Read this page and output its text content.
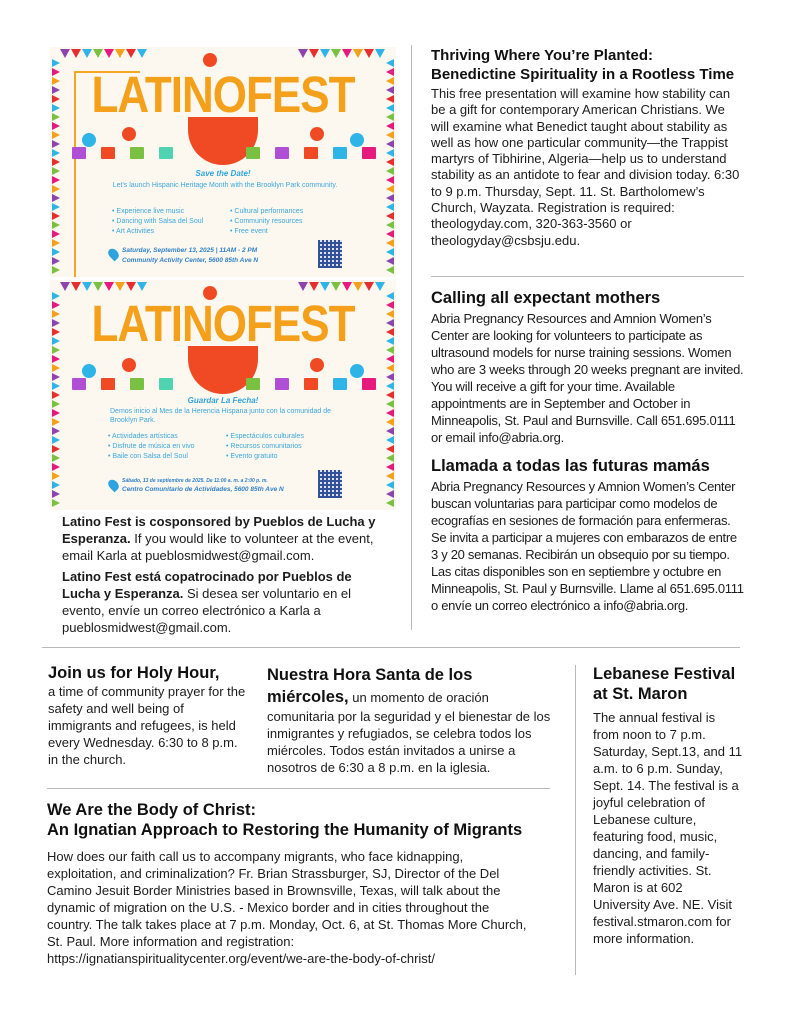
LATINOFEST
Save the Date!
Let's launch Hispanic Heritage Month with the Brooklyn Park community.
• Experience live music	• Cultural performances
• Dancing with Salsa del Soul	• Community resources
• Art Activities	• Free event
Saturday, September 13, 2025 | 11AM - 2 PM
Community Activity Center, 5600 85th Ave N
LATINOFEST
Guardar La Fecha!
Demos inicio al Mes de la Herencia Hispana junto con la comunidad de Brooklyn Park.
• Actividades artísticas	• Espectáculos culturales
• Disfrute de música en vivo	• Recursos comunitarios
• Baile con Salsa del Soul	• Evento gratuito
Sábado, 13 de septiembre de 2025. De 11:00 a. m. a 2:00 p. m.
Centro Comunitario de Actividades, 5600 85th Ave N
Latino Fest is cosponsored by Pueblos de Lucha y Esperanza. If you would like to volunteer at the event, email Karla at pueblosmidwest@gmail.com.
Latino Fest está copatrocinado por Pueblos de Lucha y Esperanza. Si desea ser voluntario en el evento, envíe un correo electrónico a Karla a pueblosmidwest@gmail.com.
Thriving Where You’re Planted:
Benedictine Spirituality in a Rootless Time
This free presentation will examine how stability can be a gift for contemporary American Christians. We will examine what Benedict taught about stability as well as how one particular community—the Trappist martyrs of Tibhirine, Algeria—help us to understand stability as an antidote to fear and division today. 6:30 to 9 p.m. Thursday, Sept. 11. St. Bartholomew’s Church, Wayzata. Registration is required: theologyday.com, 320-363-3560 or theologyday@csbsju.edu.
Calling all expectant mothers
Abria Pregnancy Resources and Amnion Women’s Center are looking for volunteers to participate as ultrasound models for nurse training sessions. Women who are 3 weeks through 20 weeks pregnant are invited. You will receive a gift for your time. Available appointments are in September and October in Minneapolis, St. Paul and Burnsville. Call 651.695.0111 or email info@abria.org.
Llamada a todas las futuras mamás
Abria Pregnancy Resources y Amnion Women’s Center buscan voluntarias para participar como modelos de ecografías en sesiones de formación para enfermeras. Se invita a participar a mujeres con embarazos de entre 3 y 20 semanas. Recibirán un obsequio por su tiempo. Las citas disponibles son en septiembre y octubre en Minneapolis, St. Paul y Burnsville. Llame al 651.695.0111 o envíe un correo electrónico a info@abria.org.
Join us for Holy Hour,
a time of community prayer for the safety and well being of immigrants and refugees, is held every Wednesday. 6:30 to 8 p.m. in the church.
Nuestra Hora Santa de los miércoles, un momento de oración comunitaria por la seguridad y el bienestar de los inmigrantes y refugiados, se celebra todos los miércoles. Todos están invitados a unirse a nosotros de 6:30 a 8 p.m. en la iglesia.
Lebanese Festival at St. Maron
The annual festival is from noon to 7 p.m. Saturday, Sept.13, and 11 a.m. to 6 p.m. Sunday, Sept. 14. The festival is a joyful celebration of Lebanese culture, featuring food, music, dancing, and family-friendly activities. St. Maron is at 602 University Ave. NE. Visit festival.stmaron.com for more information.
We Are the Body of Christ:
An Ignatian Approach to Restoring the Humanity of Migrants
How does our faith call us to accompany migrants, who face kidnapping, exploitation, and criminalization? Fr. Brian Strassburger, SJ, Director of the Del Camino Jesuit Border Ministries based in Brownsville, Texas, will talk about the dynamic of migration on the U.S. - Mexico border and in cities throughout the country. The talk takes place at 7 p.m. Monday, Oct. 6, at St. Thomas More Church, St. Paul. More information and registration: https://ignatianspiritualitycenter.org/event/we-are-the-body-of-christ/
